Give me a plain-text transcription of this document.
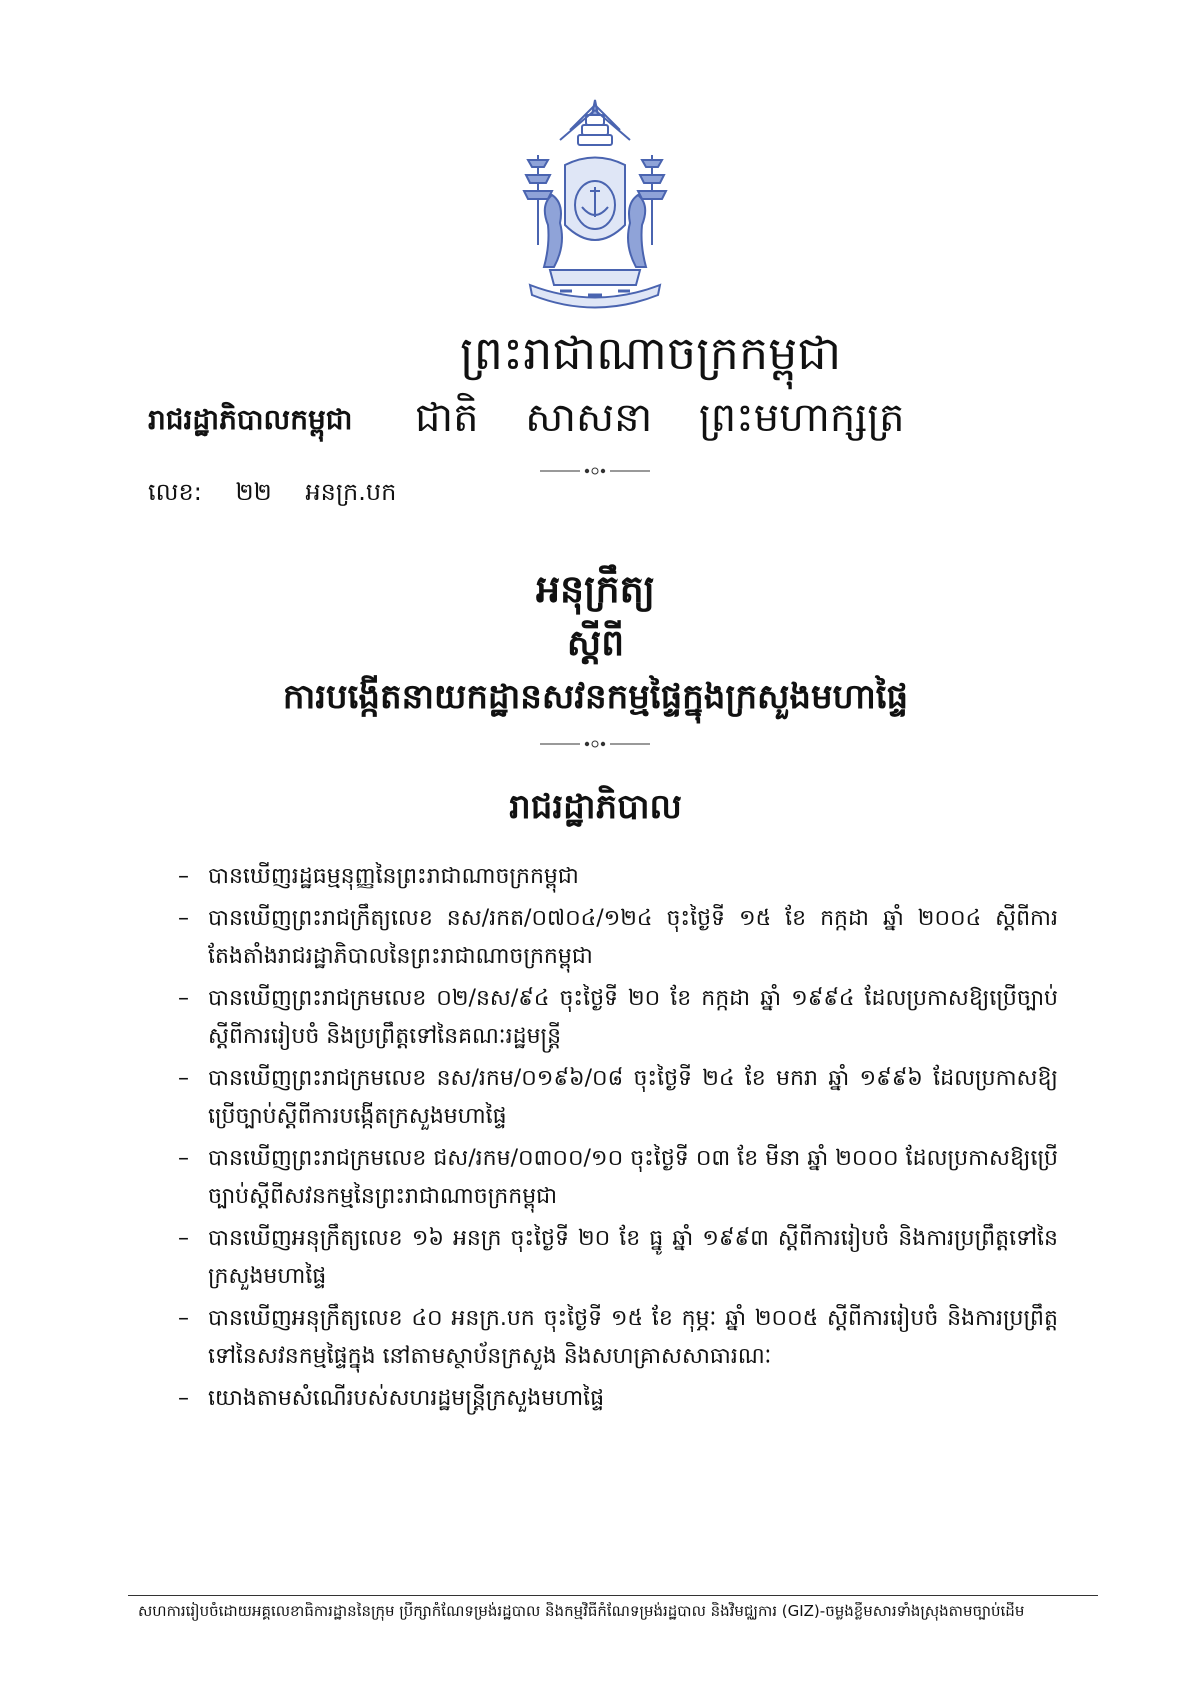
ព្រះរាជាណាចក្រកម្ពុជា
រាជរដ្ឋាភិបាលកម្ពុជា ជាតិ សាសនា ព្រះមហាក្សត្រ
លេខ: ២២ អនក្រ.បក
អនុក្រឹត្យ
ស្តីពី
ការបង្កើតនាយកដ្ឋានសវនកម្មផ្ទៃក្នុងក្រសួងមហាផ្ទៃ
រាជរដ្ឋាភិបាល
– បានឃើញរដ្ឋធម្មនុញ្ញនៃព្រះរាជាណាចក្រកម្ពុជា
– បានឃើញព្រះរាជក្រឹត្យលេខ នស/រកត/០៧០៤/១២៤ ចុះថ្ងៃទី ១៥ ខែ កក្កដា ឆ្នាំ ២០០៤ ស្តីពីការតែងតាំងរាជរដ្ឋាភិបាលនៃព្រះរាជាណាចក្រកម្ពុជា
– បានឃើញព្រះរាជក្រមលេខ ០២/នស/៩៤ ចុះថ្ងៃទី ២០ ខែ កក្កដា ឆ្នាំ ១៩៩៤ ដែលប្រកាសឱ្យប្រើច្បាប់ស្តីពីការរៀបចំ និងប្រព្រឹត្តទៅនៃគណៈរដ្ឋមន្ត្រី
– បានឃើញព្រះរាជក្រមលេខ នស/រកម/០១៩៦/០៨ ចុះថ្ងៃទី ២៤ ខែ មករា ឆ្នាំ ១៩៩៦ ដែលប្រកាសឱ្យប្រើច្បាប់ស្តីពីការបង្កើតក្រសួងមហាផ្ទៃ
– បានឃើញព្រះរាជក្រមលេខ ជស/រកម/០៣០០/១០ ចុះថ្ងៃទី ០៣ ខែ មីនា ឆ្នាំ ២០០០ ដែលប្រកាសឱ្យប្រើច្បាប់ស្តីពីសវនកម្មនៃព្រះរាជាណាចក្រកម្ពុជា
– បានឃើញអនុក្រឹត្យលេខ ១៦ អនក្រ ចុះថ្ងៃទី ២០ ខែ ធ្នូ ឆ្នាំ ១៩៩៣ ស្តីពីការរៀបចំ និងការប្រព្រឹត្តទៅនៃក្រសួងមហាផ្ទៃ
– បានឃើញអនុក្រឹត្យលេខ ៤០ អនក្រ.បក ចុះថ្ងៃទី ១៥ ខែ កុម្ភៈ ឆ្នាំ ២០០៥ ស្តីពីការរៀបចំ និងការប្រព្រឹត្តទៅនៃសវនកម្មផ្ទៃក្នុង នៅតាមស្ថាប័នក្រសួង និងសហគ្រាសសាធារណៈ
– យោងតាមសំណើរបស់សហរដ្ឋមន្ត្រីក្រសួងមហាផ្ទៃ
សហការរៀបចំដោយអគ្គលេខាធិការដ្ឋាននៃក្រុម ប្រឹក្សាកំណែទម្រង់រដ្ឋបាល និងកម្មវិធីកំណែទម្រង់រដ្ឋបាល និងវិមជ្ឈការ (GIZ)-ចម្លងខ្លឹមសារទាំងស្រុងតាមច្បាប់ដើម
